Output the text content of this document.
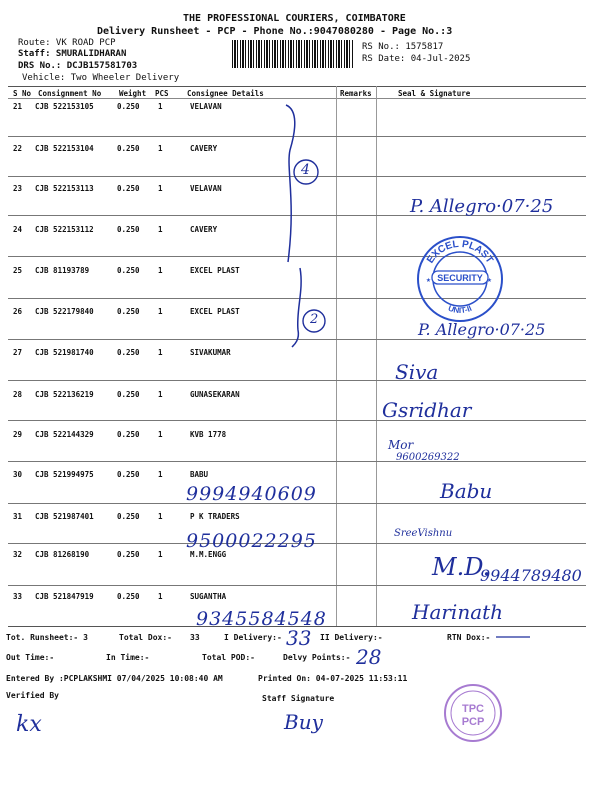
THE PROFESSIONAL COURIERS, COIMBATORE
Delivery Runsheet - PCP - Phone No.:9047080280 - Page No.:3
Route: VK ROAD PCP
Staff: SMURALIDHARAN
DRS No.: DCJB157581703
Vehicle: Two Wheeler Delivery
RS No.: 1575817
RS Date: 04-Jul-2025
S No Consignment No Weight PCS Consignee Details	Remarks	Seal & Signature
21 CJB 522153105	0.250 1	VELAVAN
22 CJB 522153104	0.250 1	CAVERY
23 CJB 522153113	0.250 1	VELAVAN
24 CJB 522153112	0.250 1	CAVERY
25 CJB 81193789	0.250 1	EXCEL PLAST
26 CJB 522179840	0.250 1	EXCEL PLAST
27 CJB 521981740	0.250 1	SIVAKUMAR
28 CJB 522136219	0.250 1	GUNASEKARAN
29 CJB 522144329	0.250 1	KVB 1778
30 CJB 521994975	0.250 1	BABU
31 CJB 521987401	0.250 1	P K TRADERS
32 CJB 81268190	0.250 1	M.M.ENGG
33 CJB 521847919	0.250 1	SUGANTHA
4
2
P. Allegro·07·25
P. Allegro·07·25
Siva
Gsridhar
Mor
9600269322
9994940609	Babu
9500022295	SreeVishnu
M.D.
9944789480
9345584548	Harinath
EXCEL PLAST
SECURITY
UNIT-II
★	★
Tot. Runsheet:- 3	Total Dox:- 33	I Delivery:- 33 II Delivery:-	RTN Dox:-
Out Time:-	In Time:-	Total POD:-	Delvy Points:- 28
Entered By :PCPLAKSHMI 07/04/2025 10:08:40 AM	Printed On: 04-07-2025 11:53:11
Verified By	Staff Signature
kx	Buy
TPC
PCP
